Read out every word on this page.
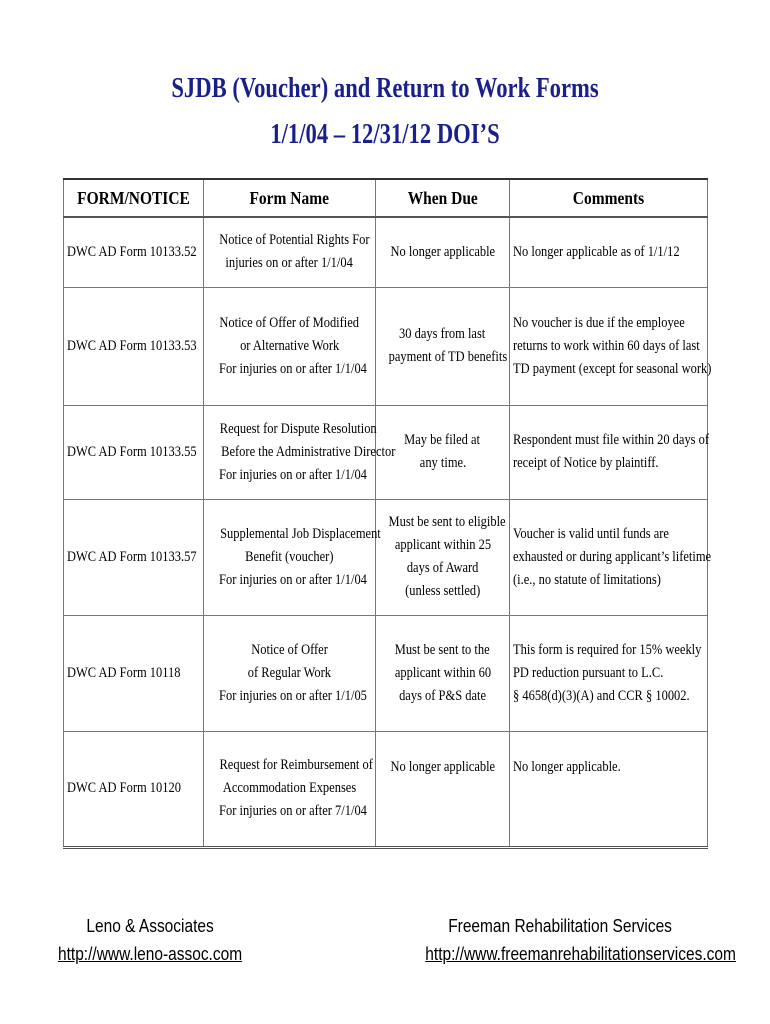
SJDB (Voucher) and Return to Work Forms
1/1/04 – 12/31/12 DOI’S
FORM/NOTICE	Form Name	When Due	Comments
DWC AD Form 10133.52	Notice of Potential Rights For
injuries on or after 1/1/04	No longer applicable	No longer applicable as of 1/1/12

DWC AD Form 10133.53	Notice of Offer of Modified
or Alternative Work
For injuries on or after 1/1/04	30 days from last
payment of TD benefits	No voucher is due if the employee
returns to work within 60 days of last
TD payment (except for seasonal work)

DWC AD Form 10133.55	Request for Dispute Resolution
Before the Administrative Director
For injuries on or after 1/1/04	May be filed at
any time.	Respondent must file within 20 days of
receipt of Notice by plaintiff.

DWC AD Form 10133.57	Supplemental Job Displacement
Benefit (voucher)
For injuries on or after 1/1/04	Must be sent to eligible
applicant within 25
days of Award
(unless settled)	Voucher is valid until funds are
exhausted or during applicant’s lifetime
(i.e., no statute of limitations)

DWC AD Form 10118	Notice of Offer
of Regular Work
For injuries on or after 1/1/05	Must be sent to the
applicant within 60
days of P&S date	This form is required for 15% weekly
PD reduction pursuant to L.C.
§ 4658(d)(3)(A) and CCR § 10002.

DWC AD Form 10120	Request for Reimbursement of
Accommodation Expenses
For injuries on or after 7/1/04	No longer applicable	No longer applicable.

Leno & Associates
http://www.leno-assoc.com
Freeman Rehabilitation Services
http://www.freemanrehabilitationservices.com
